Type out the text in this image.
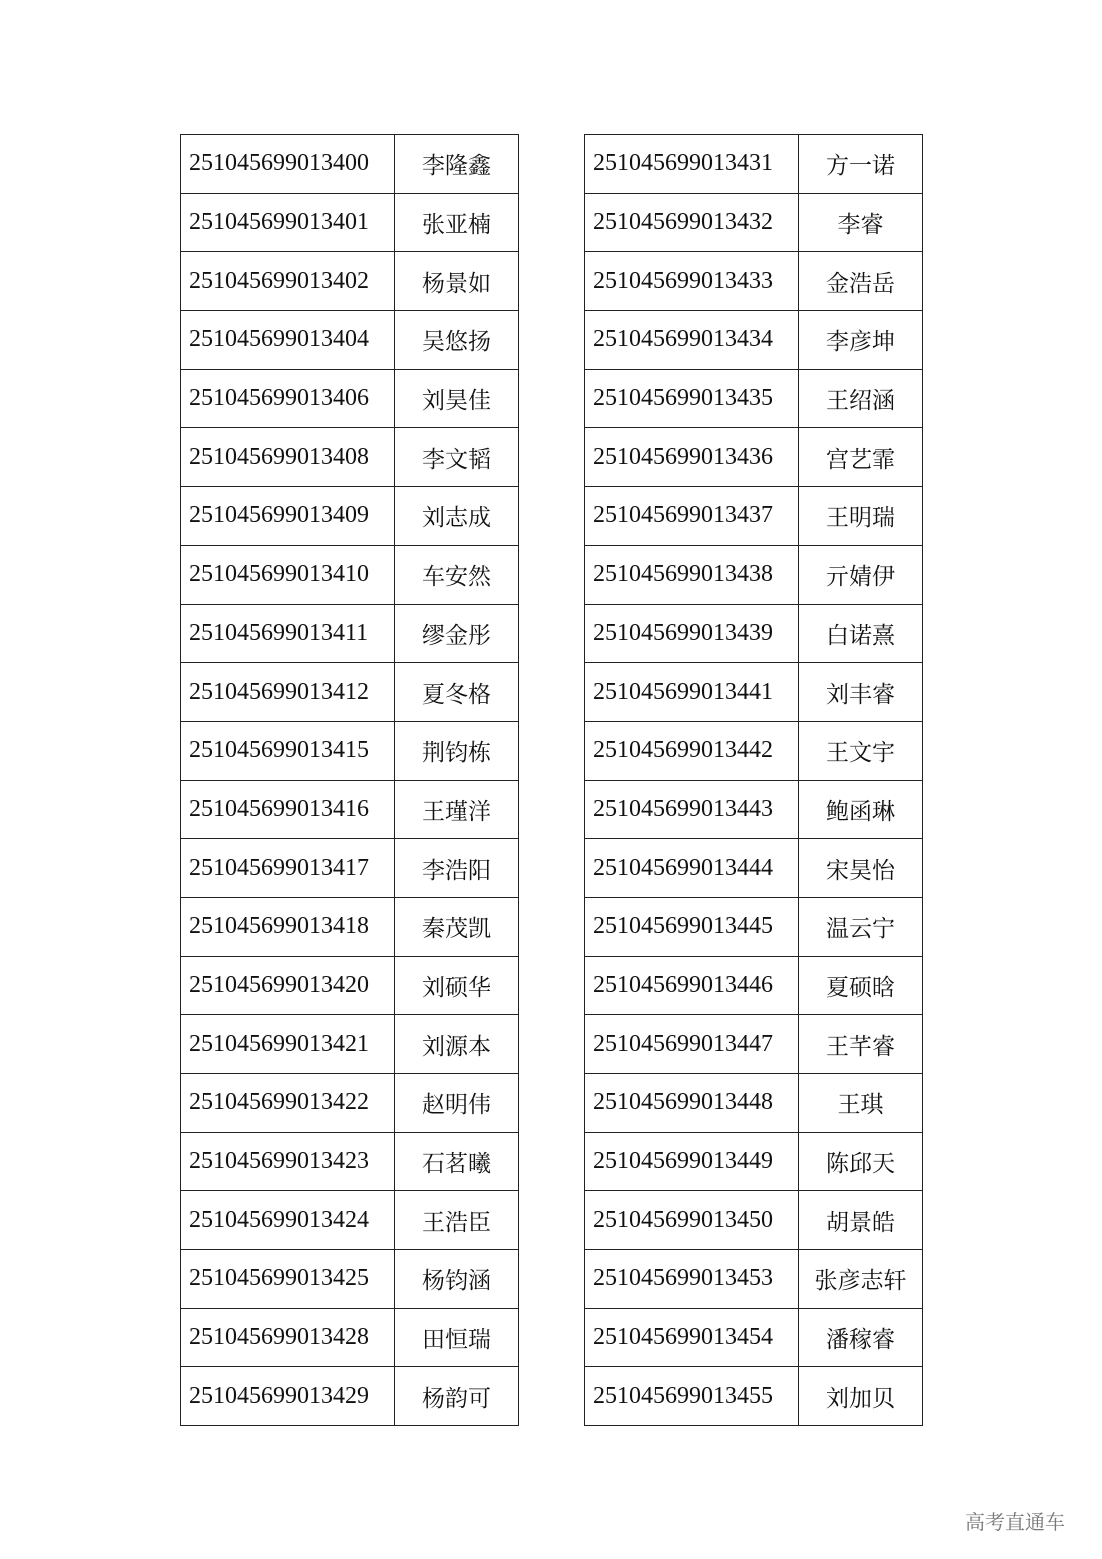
251045699013400	李隆鑫
251045699013401	张亚楠
251045699013402	杨景如
251045699013404	吴悠扬
251045699013406	刘昊佳
251045699013408	李文韬
251045699013409	刘志成
251045699013410	车安然
251045699013411	缪金彤
251045699013412	夏冬格
251045699013415	荆钧栋
251045699013416	王瑾洋
251045699013417	李浩阳
251045699013418	秦茂凯
251045699013420	刘硕华
251045699013421	刘源本
251045699013422	赵明伟
251045699013423	石茗曦
251045699013424	王浩臣
251045699013425	杨钧涵
251045699013428	田恒瑞
251045699013429	杨韵可
251045699013431	方一诺
251045699013432	李睿
251045699013433	金浩岳
251045699013434	李彦坤
251045699013435	王绍涵
251045699013436	宫艺霏
251045699013437	王明瑞
251045699013438	亓婧伊
251045699013439	白诺熹
251045699013441	刘丰睿
251045699013442	王文宇
251045699013443	鲍函琳
251045699013444	宋昊怡
251045699013445	温云宁
251045699013446	夏硕晗
251045699013447	王芊睿
251045699013448	王琪
251045699013449	陈邱天
251045699013450	胡景皓
251045699013453	张彦志轩
251045699013454	潘稼睿
251045699013455	刘加贝
高考直通车
